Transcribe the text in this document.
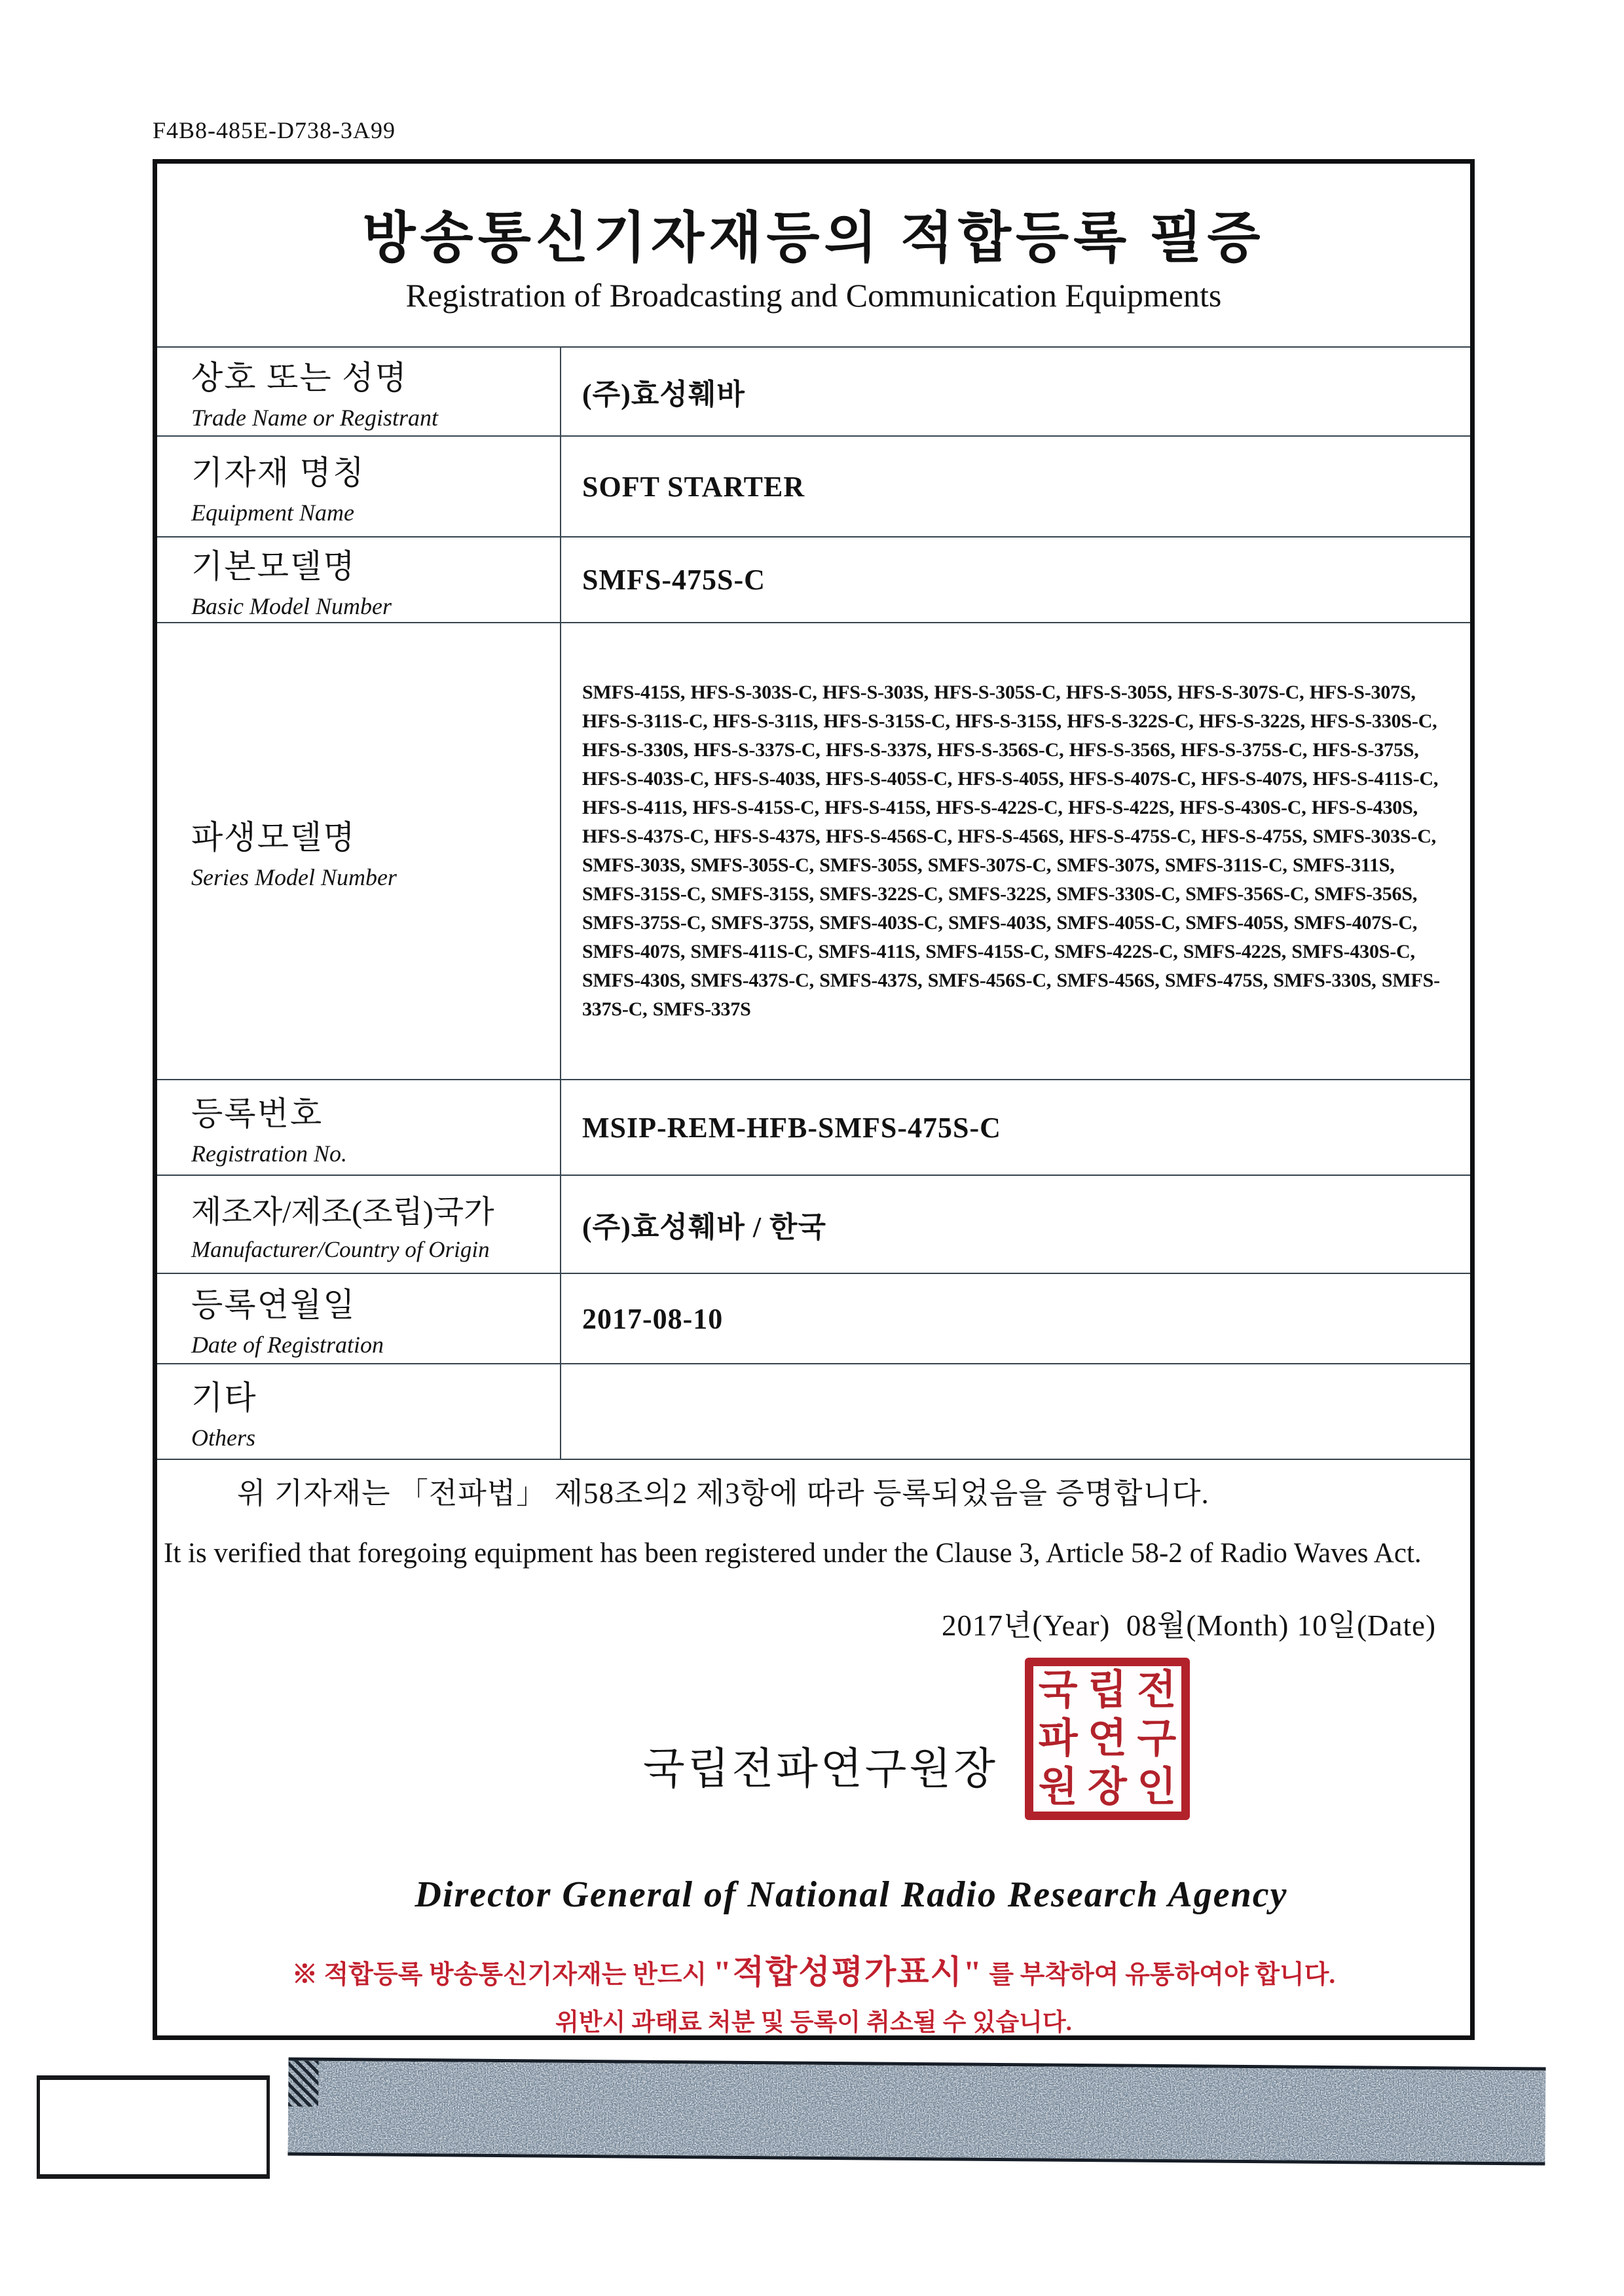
F4B8-485E-D738-3A99
방송통신기자재등의 적합등록 필증
Registration of Broadcasting and Communication Equipments
상호 또는 성명
Trade Name or Registrant
(주)효성훼바
기자재 명칭
Equipment Name
SOFT STARTER
기본모델명
Basic Model Number
SMFS-475S-C
파생모델명
Series Model Number
SMFS-415S, HFS-S-303S-C, HFS-S-303S, HFS-S-305S-C, HFS-S-305S, HFS-S-307S-C, HFS-S-307S, HFS-S-311S-C, HFS-S-311S, HFS-S-315S-C, HFS-S-315S, HFS-S-322S-C, HFS-S-322S, HFS-S-330S-C, HFS-S-330S, HFS-S-337S-C, HFS-S-337S, HFS-S-356S-C, HFS-S-356S, HFS-S-375S-C, HFS-S-375S, HFS-S-403S-C, HFS-S-403S, HFS-S-405S-C, HFS-S-405S, HFS-S-407S-C, HFS-S-407S, HFS-S-411S-C, HFS-S-411S, HFS-S-415S-C, HFS-S-415S, HFS-S-422S-C, HFS-S-422S, HFS-S-430S-C, HFS-S-430S, HFS-S-437S-C, HFS-S-437S, HFS-S-456S-C, HFS-S-456S, HFS-S-475S-C, HFS-S-475S, SMFS-303S-C, SMFS-303S, SMFS-305S-C, SMFS-305S, SMFS-307S-C, SMFS-307S, SMFS-311S-C, SMFS-311S, SMFS-315S-C, SMFS-315S, SMFS-322S-C, SMFS-322S, SMFS-330S-C, SMFS-356S-C, SMFS-356S, SMFS-375S-C, SMFS-375S, SMFS-403S-C, SMFS-403S, SMFS-405S-C, SMFS-405S, SMFS-407S-C, SMFS-407S, SMFS-411S-C, SMFS-411S, SMFS-415S-C, SMFS-422S-C, SMFS-422S, SMFS-430S-C, SMFS-430S, SMFS-437S-C, SMFS-437S, SMFS-456S-C, SMFS-456S, SMFS-475S, SMFS-330S, SMFS-337S-C, SMFS-337S
등록번호
Registration No.
MSIP-REM-HFB-SMFS-475S-C
제조자/제조(조립)국가
Manufacturer/Country of Origin
(주)효성훼바 / 한국
등록연월일
Date of Registration
2017-08-10
기타
Others
위 기자재는 「전파법」 제58조의2 제3항에 따라 등록되었음을 증명합니다.
It is verified that foregoing equipment has been registered under the Clause 3, Article 58-2 of Radio Waves Act.
2017년(Year)  08월(Month) 10일(Date)
국립전파연구원장
국 립 전
파 연 구
원 장 인
Director General of National Radio Research Agency
※ 적합등록 방송통신기자재는 반드시 "적합성평가표시" 를 부착하여 유통하여야 합니다.
위반시 과태료 처분 및 등록이 취소될 수 있습니다.
